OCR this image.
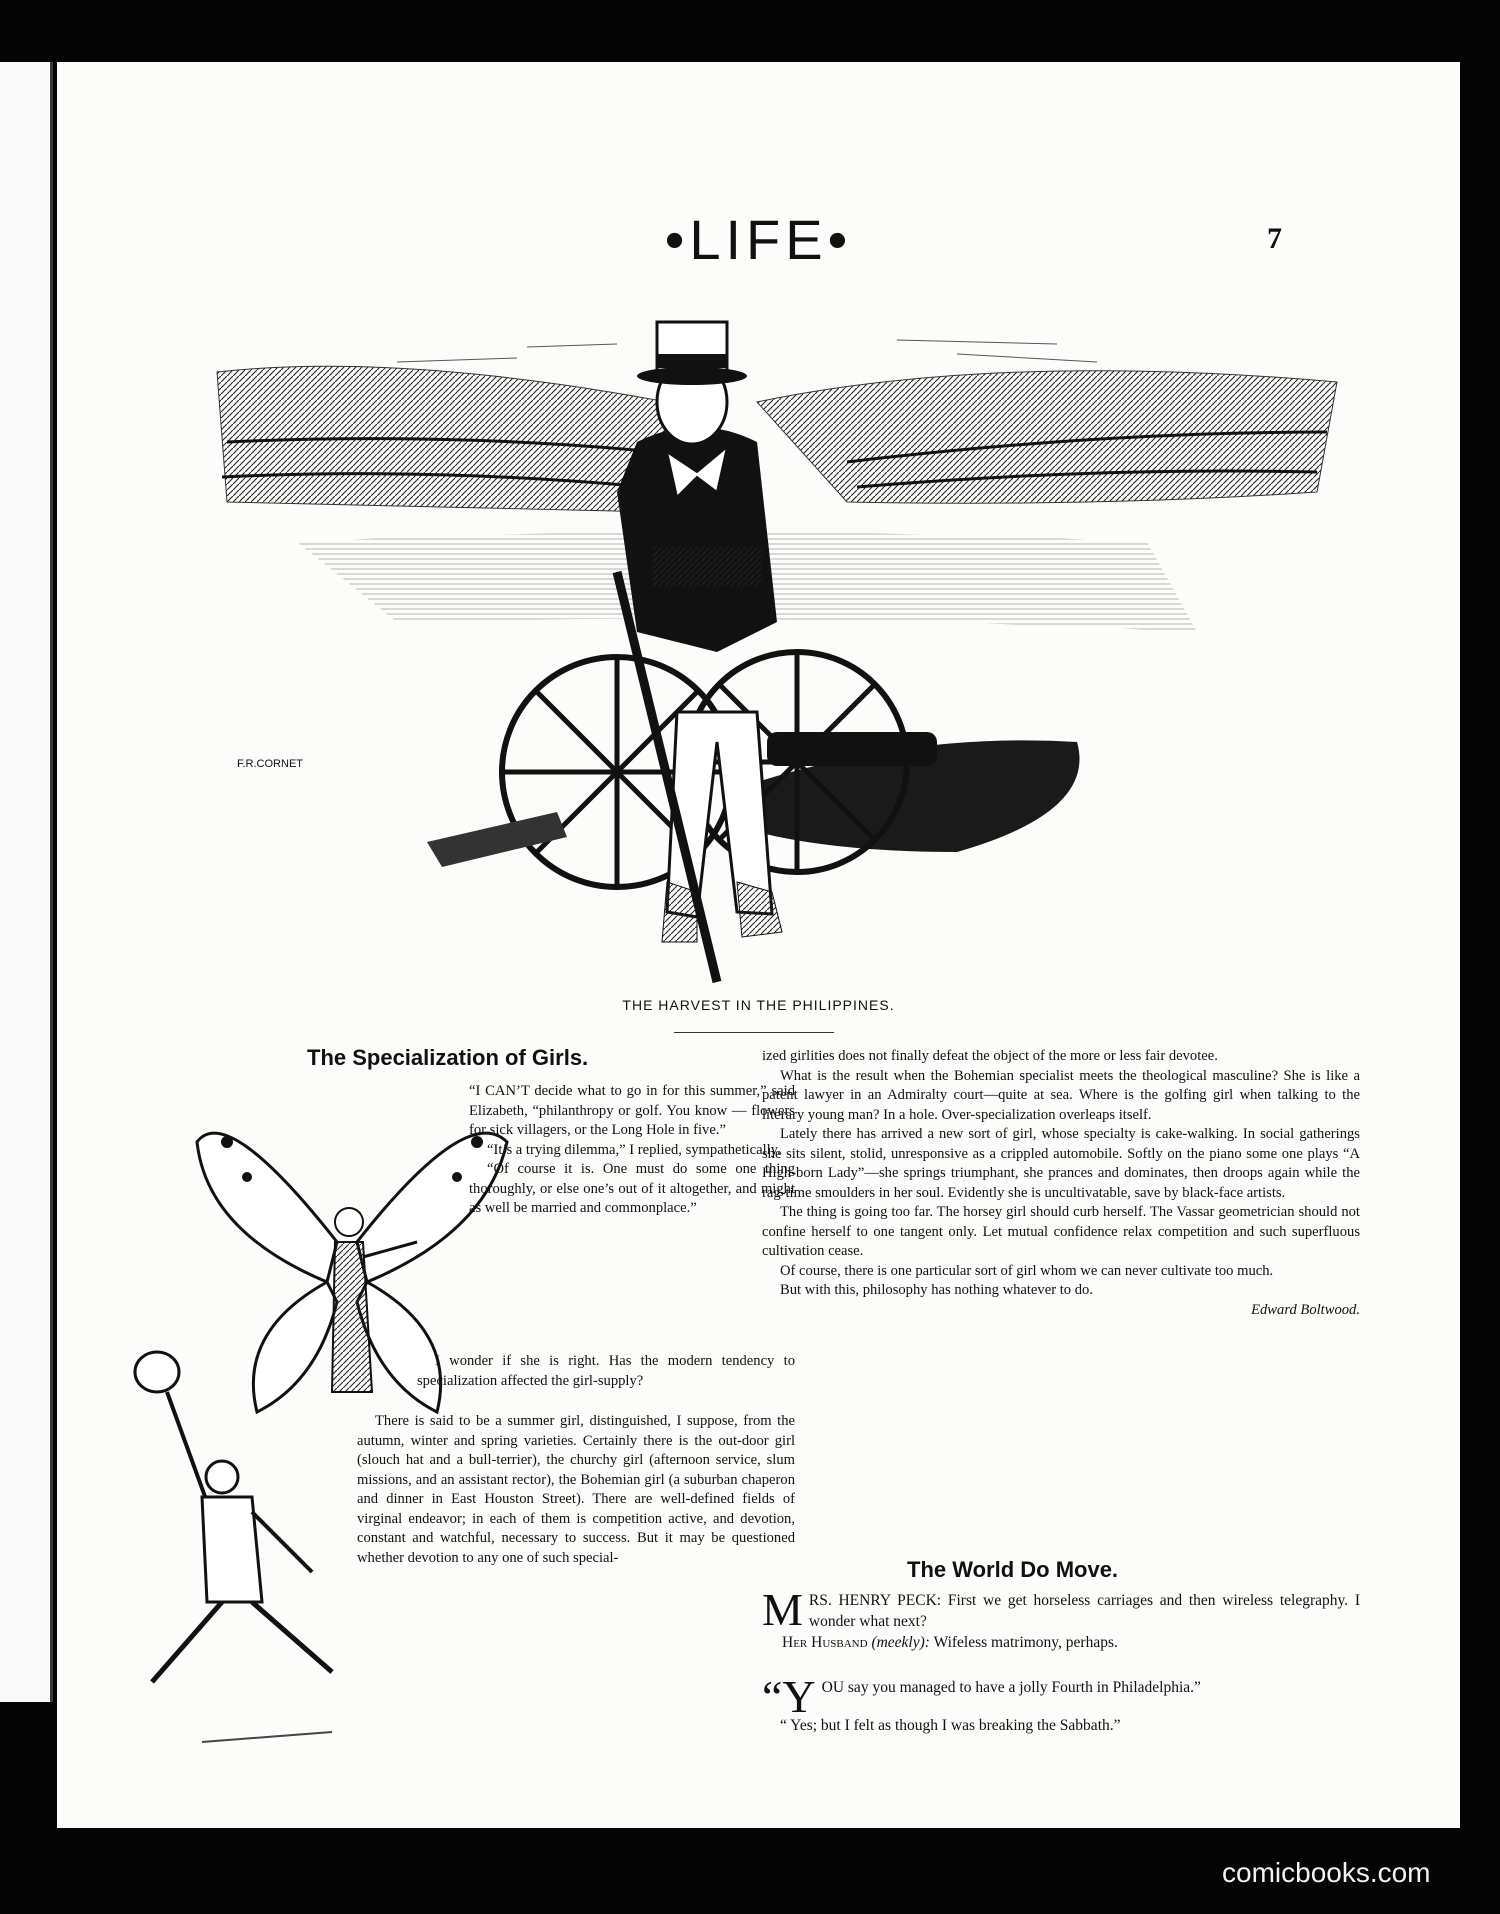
•LIFE•	7
F.R.CORNET
THE HARVEST IN THE PHILIPPINES.
The Specialization of Girls.

“I CAN’T decide what to go in for this summer,” said Elizabeth, “philanthropy or golf. You know — flowers for sick villagers, or the Long Hole in five.”

“It’s a trying dilemma,” I replied, sympathetically.

“Of course it is. One must do some one thing thoroughly, or else one’s out of it altogether, and might as well be married and commonplace.”

I wonder if she is right. Has the modern tendency to specialization affected the girl-supply?

There is said to be a summer girl, distinguished, I suppose, from the autumn, winter and spring varieties. Certainly there is the out-door girl (slouch hat and a bull-terrier), the churchy girl (afternoon service, slum missions, and an assistant rector), the Bohemian girl (a suburban chaperon and dinner in East Houston Street). There are well-defined fields of virginal endeavor; in each of them is competition active, and devotion, constant and watchful, necessary to success. But it may be questioned whether devotion to any one of such special-

ized girlities does not finally defeat the object of the more or less fair devotee.

What is the result when the Bohemian specialist meets the theological masculine? She is like a patent lawyer in an Admiralty court—quite at sea. Where is the golfing girl when talking to the literary young man? In a hole. Over-specialization overleaps itself.

Lately there has arrived a new sort of girl, whose specialty is cake-walking. In social gatherings she sits silent, stolid, unresponsive as a crippled automobile. Softly on the piano some one plays “A High-born Lady”—she springs triumphant, she prances and dominates, then droops again while the rag-time smoulders in her soul. Evidently she is uncultivatable, save by black-face artists.

The thing is going too far. The horsey girl should curb herself. The Vassar geometrician should not confine herself to one tangent only. Let mutual confidence relax competition and such superfluous cultivation cease.

Of course, there is one particular sort of girl whom we can never cultivate too much.

But with this, philosophy has nothing whatever to do.

Edward Boltwood.
The World Do Move.
M RS. HENRY PECK: First we get horseless carriages and then wireless telegraphy. I wonder what next?
Her Husband (meekly): Wifeless matrimony, perhaps.
“Y OU say you managed to have a jolly Fourth in Philadelphia.”
“ Yes; but I felt as though I was breaking the Sabbath.”
comicbooks.com
